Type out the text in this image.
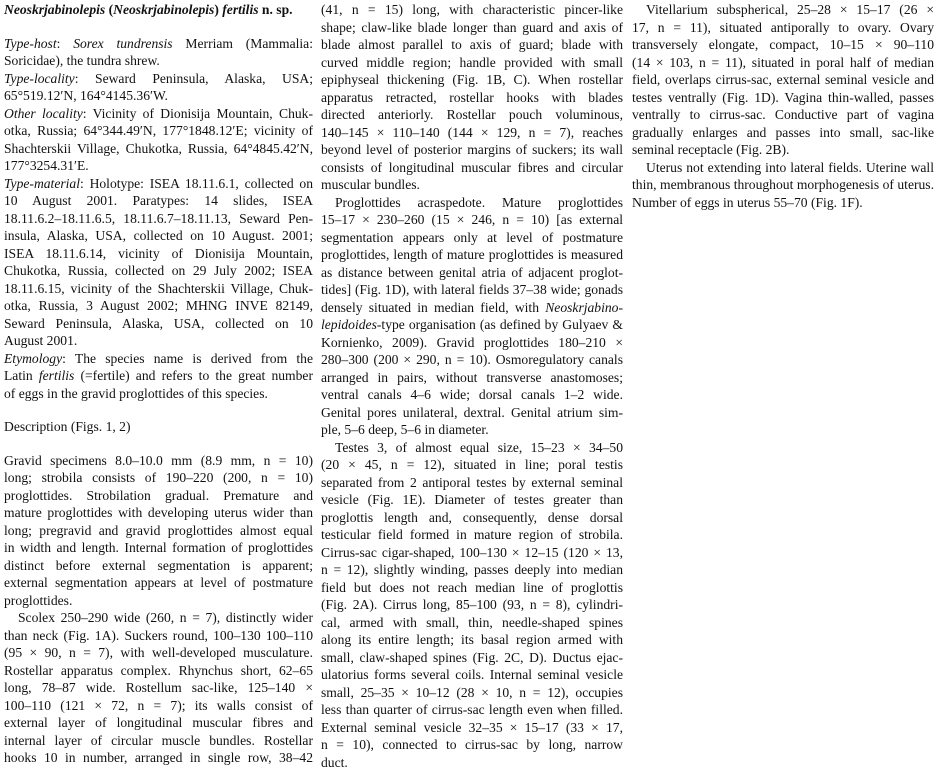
Neoskrjabinolepis (Neoskrjabinolepis) fertilis n. sp.
Type-host: Sorex tundrensis Merriam (Mammalia:
Soricidae), the tundra shrew.
Type-locality: Seward Peninsula, Alaska, USA;
65°519.12′N, 164°4145.36′W.
Other locality: Vicinity of Dionisija Mountain, Chuk-
otka, Russia; 64°344.49′N, 177°1848.12′E; vicinity of
Shachterskii Village, Chukotka, Russia, 64°4845.42′N,
177°3254.31′E.
Type-material: Holotype: ISEA 18.11.6.1, collected on
10 August 2001. Paratypes: 14 slides, ISEA
18.11.6.2–18.11.6.5, 18.11.6.7–18.11.13, Seward Pen-
insula, Alaska, USA, collected on 10 August. 2001;
ISEA 18.11.6.14, vicinity of Dionisija Mountain,
Chukotka, Russia, collected on 29 July 2002; ISEA
18.11.6.15, vicinity of the Shachterskii Village, Chuk-
otka, Russia, 3 August 2002; MHNG INVE 82149,
Seward Peninsula, Alaska, USA, collected on 10
August 2001.
Etymology: The species name is derived from the
Latin fertilis (=fertile) and refers to the great number
of eggs in the gravid proglottides of this species.
Description (Figs. 1, 2)
Gravid specimens 8.0–10.0 mm (8.9 mm, n = 10)
long; strobila consists of 190–220 (200, n = 10)
proglottides. Strobilation gradual. Premature and
mature proglottides with developing uterus wider than
long; pregravid and gravid proglottides almost equal
in width and length. Internal formation of proglottides
distinct before external segmentation is apparent;
external segmentation appears at level of postmature
proglottides.
Scolex 250–290 wide (260, n = 7), distinctly wider
than neck (Fig. 1A). Suckers round, 100–130 100–110
(95 × 90, n = 7), with well-developed musculature.
Rostellar apparatus complex. Rhynchus short, 62–65
long, 78–87 wide. Rostellum sac-like, 125–140 ×
100–110 (121 × 72, n = 7); its walls consist of
external layer of longitudinal muscular fibres and
internal layer of circular muscle bundles. Rostellar
hooks 10 in number, arranged in single row, 38–42
(41, n = 15) long, with characteristic pincer-like
shape; claw-like blade longer than guard and axis of
blade almost parallel to axis of guard; blade with
curved middle region; handle provided with small
epiphyseal thickening (Fig. 1B, C). When rostellar
apparatus retracted, rostellar hooks with blades
directed anteriorly. Rostellar pouch voluminous,
140–145 × 110–140 (144 × 129, n = 7), reaches
beyond level of posterior margins of suckers; its wall
consists of longitudinal muscular fibres and circular
muscular bundles.
Proglottides acraspedote. Mature proglottides
15–17 × 230–260 (15 × 246, n = 10) [as external
segmentation appears only at level of postmature
proglottides, length of mature proglottides is measured
as distance between genital atria of adjacent proglot-
tides] (Fig. 1D), with lateral fields 37–38 wide; gonads
densely situated in median field, with Neoskrjabino-
lepidoides-type organisation (as defined by Gulyaev &
Kornienko, 2009). Gravid proglottides 180–210 ×
280–300 (200 × 290, n = 10). Osmoregulatory canals
arranged in pairs, without transverse anastomoses;
ventral canals 4–6 wide; dorsal canals 1–2 wide.
Genital pores unilateral, dextral. Genital atrium sim-
ple, 5–6 deep, 5–6 in diameter.
Testes 3, of almost equal size, 15–23 × 34–50
(20 × 45, n = 12), situated in line; poral testis
separated from 2 antiporal testes by external seminal
vesicle (Fig. 1E). Diameter of testes greater than
proglottis length and, consequently, dense dorsal
testicular field formed in mature region of strobila.
Cirrus-sac cigar-shaped, 100–130 × 12–15 (120 × 13,
n = 12), slightly winding, passes deeply into median
field but does not reach median line of proglottis
(Fig. 2A). Cirrus long, 85–100 (93, n = 8), cylindri-
cal, armed with small, thin, needle-shaped spines
along its entire length; its basal region armed with
small, claw-shaped spines (Fig. 2C, D). Ductus ejac-
ulatorius forms several coils. Internal seminal vesicle
small, 25–35 × 10–12 (28 × 10, n = 12), occupies
less than quarter of cirrus-sac length even when filled.
External seminal vesicle 32–35 × 15–17 (33 × 17,
n = 10), connected to cirrus-sac by long, narrow
duct.
Vitellarium subspherical, 25–28 × 15–17 (26 ×
17, n = 11), situated antiporally to ovary. Ovary
transversely elongate, compact, 10–15 × 90–110
(14 × 103, n = 11), situated in poral half of median
field, overlaps cirrus-sac, external seminal vesicle and
testes ventrally (Fig. 1D). Vagina thin-walled, passes
ventrally to cirrus-sac. Conductive part of vagina
gradually enlarges and passes into small, sac-like
seminal receptacle (Fig. 2B).
Uterus not extending into lateral fields. Uterine wall
thin, membranous throughout morphogenesis of uterus.
Number of eggs in uterus 55–70 (Fig. 1F).
